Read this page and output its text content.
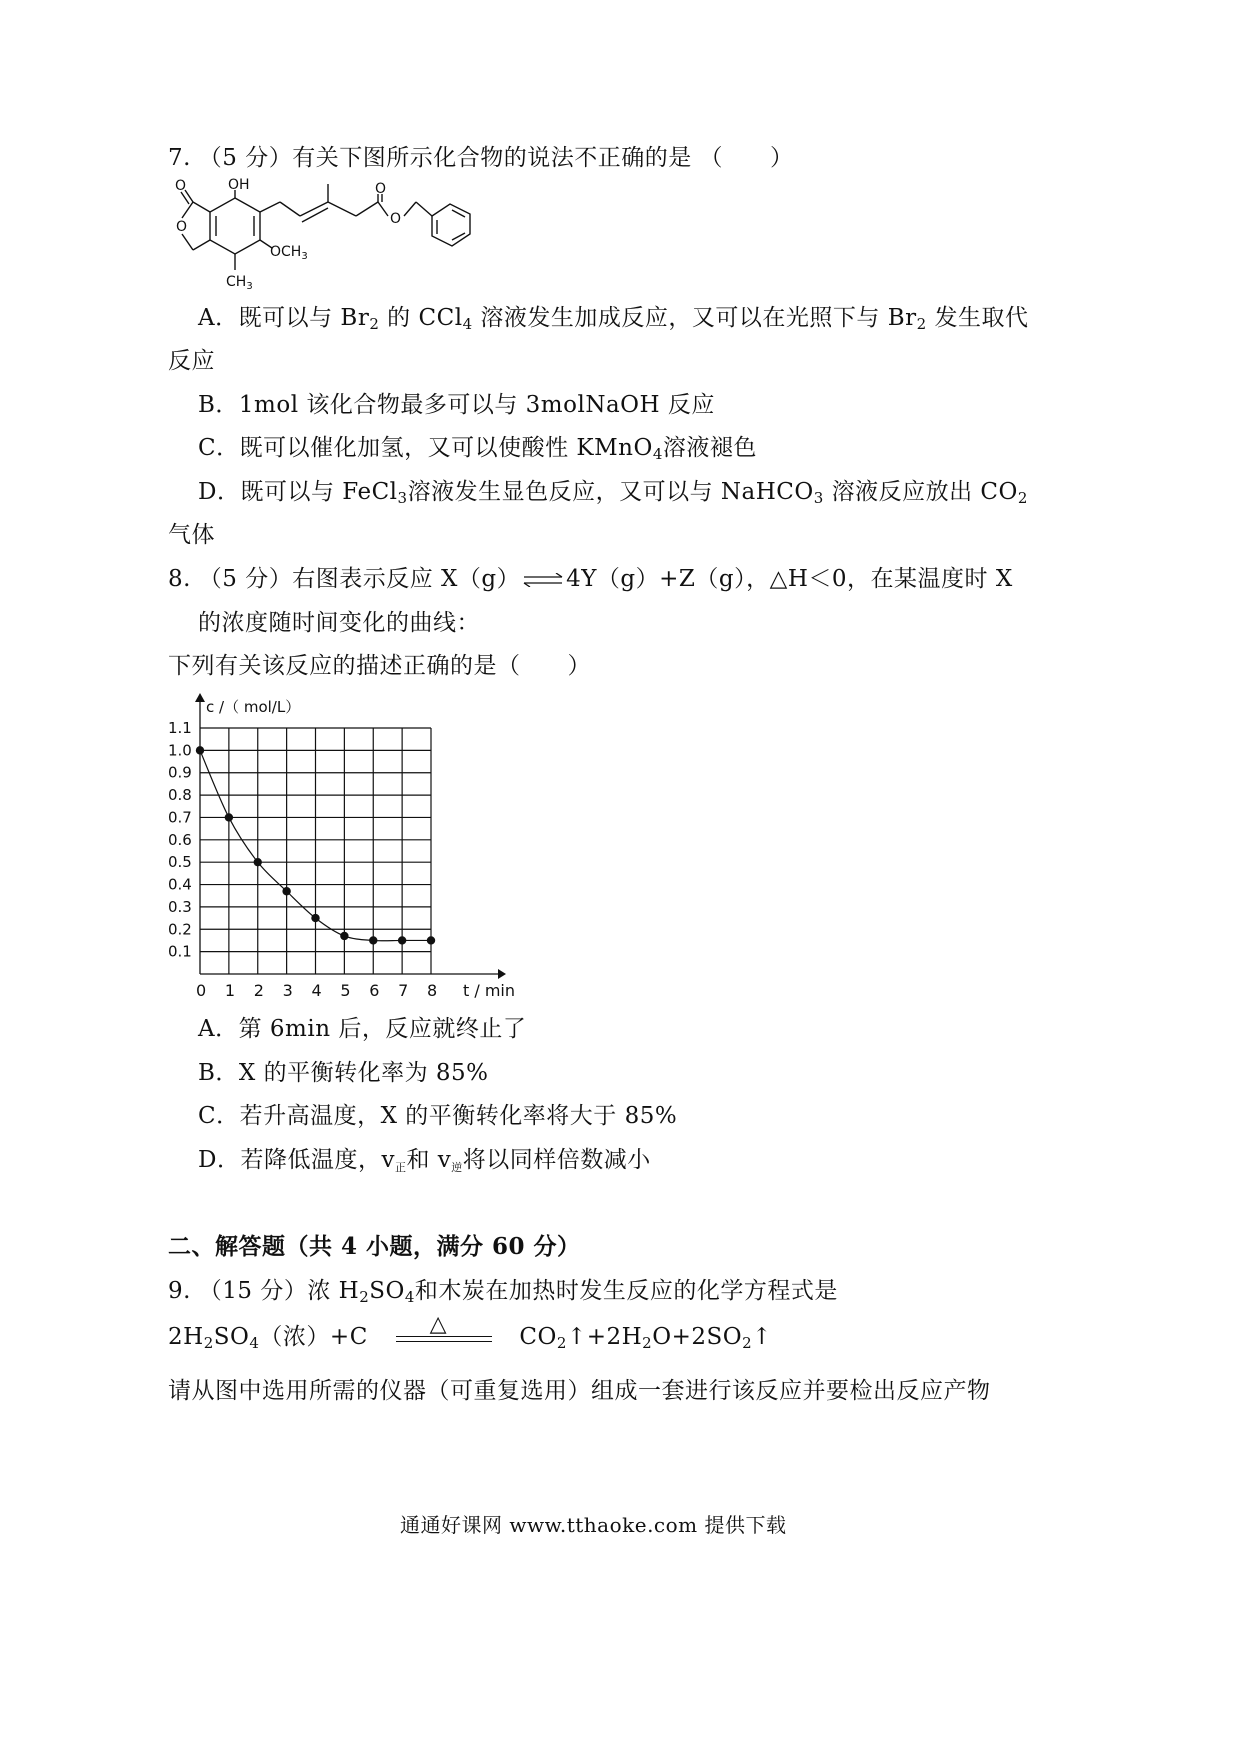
7. （5 分）有关下图所示化合物的说法不正确的是 （　　）
OH
O
O
O
O
$OCH_3$
$CH_3$
A．既可以与 $Br_2$ 的 CCl$_4$ 溶液发生加成反应，又可以在光照下与 $Br_2$ 发生取代
反应
B．1mol 该化合物最多可以与 3molNaOH 反应
C．既可以催化加氢，又可以使酸性 KMnO$_4$溶液褪色
D．既可以与 FeCl$_3$溶液发生显色反应，又可以与 NaHCO$_3$ 溶液反应放出 $CO_2$
气体
8. （5 分）右图表示反应 X（g） ⇌ 4Y（g）+Z（g），△H＜0，在某温度时 X
的浓度随时间变化的曲线：
下列有关该反应的描述正确的是（　　）
0.1
0.2
0.3
0.4
0.5
0.6
0.7
0.8
0.9
1.0
1.1
0 1 2 3 4 5 6 7 8
c /（ mol/L）
t / min
A．第 6min 后，反应就终止了
B．X 的平衡转化率为 85%
C．若升高温度，X 的平衡转化率将大于 85%
D．若降低温度，$v_正$和 $v_逆$将以同样倍数减小
二、解答题（共 4 小题，满分 60 分）
9. （15 分）浓 $H_2SO_4$和木炭在加热时发生反应的化学方程式是
$2H_2SO_4$（浓）+C	△	$CO_2↑+2H_2O+2SO_2↑$
请从图中选用所需的仪器（可重复选用）组成一套进行该反应并要检出反应产物
通通好课网 www.tthaoke.com 提供下载
